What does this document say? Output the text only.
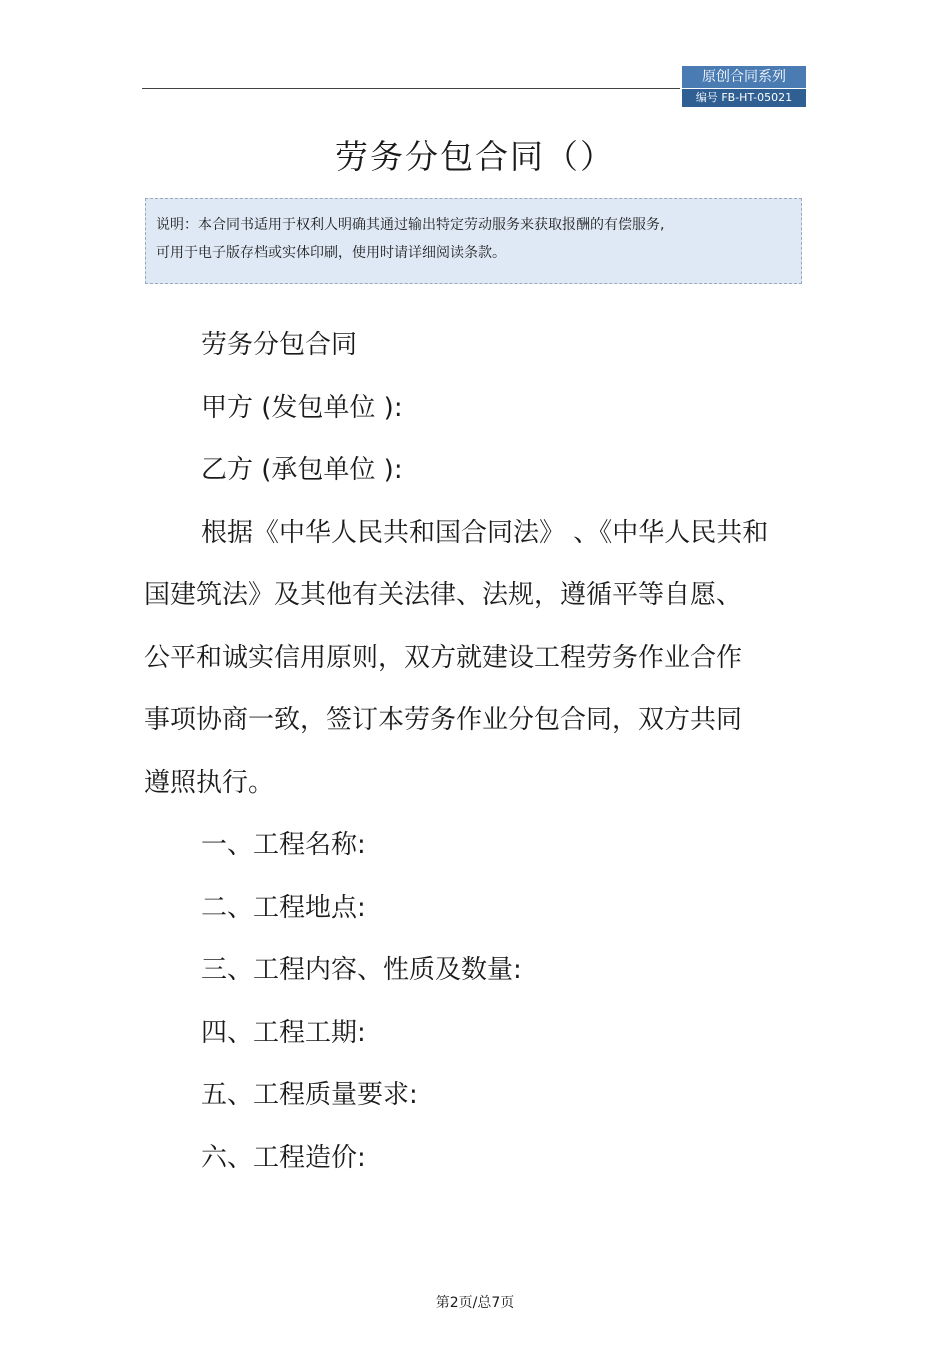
原创合同系列
编号 FB-HT-05021
劳务分包合同（）

说明：本合同书适用于权利人明确其通过输出特定劳动服务来获取报酬的有偿服务,

可用于电子版存档或实体印刷，使用时请详细阅读条款。

劳务分包合同
甲方 (发包单位 ):
乙方 (承包单位 ):
根据《中华人民共和国合同法》 、《中华人民共和
国建筑法》及其他有关法律、法规，遵循平等自愿、
公平和诚实信用原则，双方就建设工程劳务作业合作
事项协商一致，签订本劳务作业分包合同，双方共同
遵照执行。
一、工程名称:
二、工程地点:
三、工程内容、性质及数量:
四、工程工期:
五、工程质量要求:
六、工程造价:
第2页/总7页
